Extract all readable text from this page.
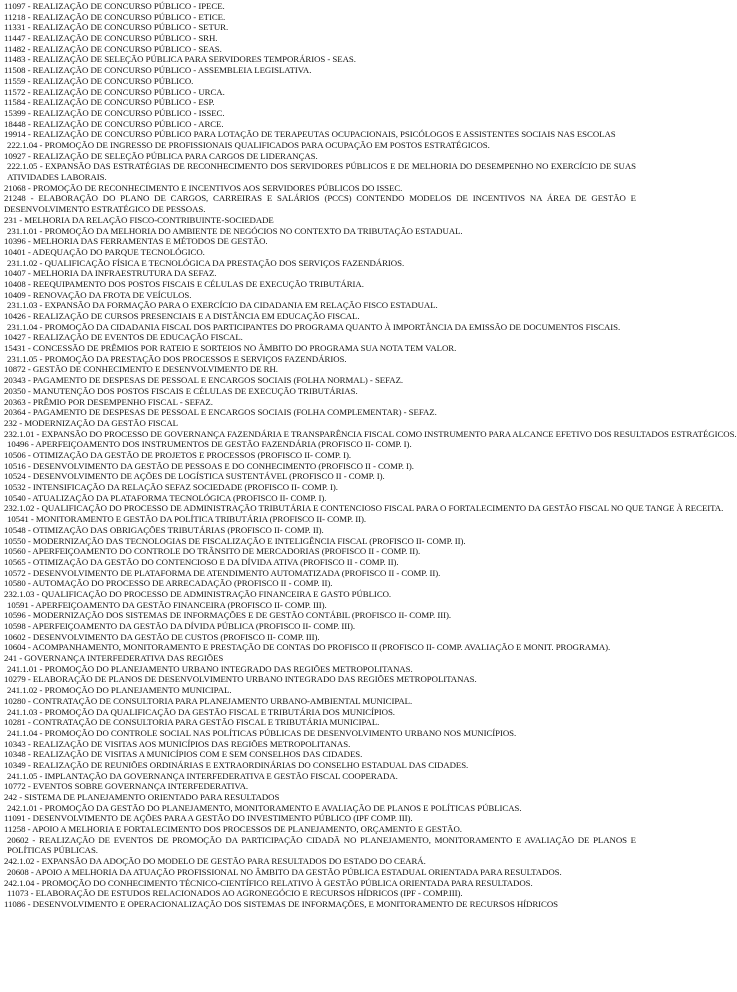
11097 - REALIZAÇÃO DE CONCURSO PÚBLICO - IPECE.
11218 - REALIZAÇÃO DE CONCURSO PÚBLICO - ETICE.
11331 - REALIZAÇÃO DE CONCURSO PÚBLICO - SETUR.
11447 - REALIZAÇÃO DE CONCURSO PÚBLICO - SRH.
11482 - REALIZAÇÃO DE CONCURSO PÚBLICO - SEAS.
11483 - REALIZAÇÃO DE SELEÇÃO PÚBLICA PARA SERVIDORES TEMPORÁRIOS - SEAS.
11508 - REALIZAÇÃO DE CONCURSO PÚBLICO - ASSEMBLEIA LEGISLATIVA.
11559 - REALIZAÇÃO DE CONCURSO PÚBLICO.
11572 - REALIZAÇÃO DE CONCURSO PÚBLICO - URCA.
11584 - REALIZAÇÃO DE CONCURSO PÚBLICO - ESP.
15399 - REALIZAÇÃO DE CONCURSO PÚBLICO - ISSEC.
18448 - REALIZAÇÃO DE CONCURSO PÚBLICO - ARCE.
19914 - REALIZAÇÃO DE CONCURSO PÚBLICO PARA LOTAÇÃO DE TERAPEUTAS OCUPACIONAIS, PSICÓLOGOS E ASSISTENTES SOCIAIS NAS ESCOLAS
222.1.04 - PROMOÇÃO DE INGRESSO DE PROFISSIONAIS QUALIFICADOS PARA OCUPAÇÃO EM POSTOS ESTRATÉGICOS.
10927 - REALIZAÇÃO DE SELEÇÃO PÚBLICA PARA CARGOS DE LIDERANÇAS.
222.1.05 - EXPANSÃO DAS ESTRATÉGIAS DE RECONHECIMENTO DOS SERVIDORES PÚBLICOS E DE MELHORIA DO DESEMPENHO NO EXERCÍCIO DE SUAS ATIVIDADES LABORAIS.
21068 - PROMOÇÃO DE RECONHECIMENTO E INCENTIVOS AOS SERVIDORES PÚBLICOS DO ISSEC.
21248 - ELABORAÇÃO DO PLANO DE CARGOS, CARREIRAS E SALÁRIOS (PCCS) CONTENDO MODELOS DE INCENTIVOS NA ÁREA DE GESTÃO E DESENVOLVIMENTO ESTRATÉGICO DE PESSOAS.
231 - MELHORIA DA RELAÇÃO FISCO-CONTRIBUINTE-SOCIEDADE
231.1.01 - PROMOÇÃO DA MELHORIA DO AMBIENTE DE NEGÓCIOS NO CONTEXTO DA TRIBUTAÇÃO ESTADUAL.
10396 - MELHORIA DAS FERRAMENTAS E MÉTODOS DE GESTÃO.
10401 - ADEQUAÇÃO DO PARQUE TECNOLÓGICO.
231.1.02 - QUALIFICAÇÃO FÍSICA E TECNOLÓGICA DA PRESTAÇÃO DOS SERVIÇOS FAZENDÁRIOS.
10407 - MELHORIA DA INFRAESTRUTURA DA SEFAZ.
10408 - REEQUIPAMENTO DOS POSTOS FISCAIS E CÉLULAS DE EXECUÇÃO TRIBUTÁRIA.
10409 - RENOVAÇÃO DA FROTA DE VEÍCULOS.
231.1.03 - EXPANSÃO DA FORMAÇÃO PARA O EXERCÍCIO DA CIDADANIA EM RELAÇÃO FISCO ESTADUAL.
10426 - REALIZAÇÃO DE CURSOS PRESENCIAIS E A DISTÂNCIA EM EDUCAÇÃO FISCAL.
231.1.04 - PROMOÇÃO DA CIDADANIA FISCAL DOS PARTICIPANTES DO PROGRAMA QUANTO À IMPORTÂNCIA DA EMISSÃO DE DOCUMENTOS FISCAIS.
10427 - REALIZAÇÃO DE EVENTOS DE EDUCAÇÃO FISCAL.
15431 - CONCESSÃO DE PRÊMIOS POR RATEIO E SORTEIOS NO ÂMBITO DO PROGRAMA SUA NOTA TEM VALOR.
231.1.05 - PROMOÇÃO DA PRESTAÇÃO DOS PROCESSOS E SERVIÇOS FAZENDÁRIOS.
10872 - GESTÃO DE CONHECIMENTO E DESENVOLVIMENTO DE RH.
20343 - PAGAMENTO DE DESPESAS DE PESSOAL E ENCARGOS SOCIAIS (FOLHA NORMAL) - SEFAZ.
20350 - MANUTENÇÃO DOS POSTOS FISCAIS E CÉLULAS DE EXECUÇÃO TRIBUTÁRIAS.
20363 - PRÊMIO POR DESEMPENHO FISCAL - SEFAZ.
20364 - PAGAMENTO DE DESPESAS DE PESSOAL E ENCARGOS SOCIAIS (FOLHA COMPLEMENTAR) - SEFAZ.
232 - MODERNIZAÇÃO DA GESTÃO FISCAL
232.1.01 - EXPANSÃO DO PROCESSO DE GOVERNANÇA FAZENDÁRIA E TRANSPARÊNCIA FISCAL COMO INSTRUMENTO PARA ALCANCE EFETIVO DOS RESULTADOS ESTRATÉGICOS.
10496 - APERFEIÇOAMENTO DOS INSTRUMENTOS DE GESTÃO FAZENDÁRIA (PROFISCO II- COMP. I).
10506 - OTIMIZAÇÃO DA GESTÃO DE PROJETOS E PROCESSOS (PROFISCO II- COMP. I).
10516 - DESENVOLVIMENTO DA GESTÃO DE PESSOAS E DO CONHECIMENTO (PROFISCO II - COMP. I).
10524 - DESENVOLVIMENTO DE AÇÕES DE LOGÍSTICA SUSTENTÁVEL (PROFISCO II - COMP. I).
10532 - INTENSIFICAÇÃO DA RELAÇÃO SEFAZ SOCIEDADE (PROFISCO II- COMP. I).
10540 - ATUALIZAÇÃO DA PLATAFORMA TECNOLÓGICA (PROFISCO II- COMP. I).
232.1.02 - QUALIFICAÇÃO DO PROCESSO DE ADMINISTRAÇÃO TRIBUTÁRIA E CONTENCIOSO FISCAL PARA O FORTALECIMENTO DA GESTÃO FISCAL NO QUE TANGE À RECEITA.
10541 - MONITORAMENTO E GESTÃO DA POLÍTICA TRIBUTÁRIA (PROFISCO II- COMP. II).
10548 - OTIMIZAÇÃO DAS OBRIGAÇÕES TRIBUTÁRIAS (PROFISCO II- COMP. II).
10550 - MODERNIZAÇÃO DAS TECNOLOGIAS DE FISCALIZAÇÃO E INTELIGÊNCIA FISCAL (PROFISCO II- COMP. II).
10560 - APERFEIÇOAMENTO DO CONTROLE DO TRÂNSITO DE MERCADORIAS (PROFISCO II - COMP. II).
10565 - OTIMIZAÇÃO DA GESTÃO DO CONTENCIOSO E DA DÍVIDA ATIVA (PROFISCO II - COMP. II).
10572 - DESENVOLVIMENTO DE PLATAFORMA DE ATENDIMENTO AUTOMATIZADA (PROFISCO II - COMP. II).
10580 - AUTOMAÇÃO DO PROCESSO DE ARRECADAÇÃO (PROFISCO II - COMP. II).
232.1.03 - QUALIFICAÇÃO DO PROCESSO DE ADMINISTRAÇÃO FINANCEIRA E GASTO PÚBLICO.
10591 - APERFEIÇOAMENTO DA GESTÃO FINANCEIRA (PROFISCO II- COMP. III).
10596 - MODERNIZAÇÃO DOS SISTEMAS DE INFORMAÇÕES E DE GESTÃO CONTÁBIL (PROFISCO II- COMP. III).
10598 - APERFEIÇOAMENTO DA GESTÃO DA DÍVIDA PÚBLICA (PROFISCO II- COMP. III).
10602 - DESENVOLVIMENTO DA GESTÃO DE CUSTOS (PROFISCO II- COMP. III).
10604 - ACOMPANHAMENTO, MONITORAMENTO E PRESTAÇÃO DE CONTAS DO PROFISCO II (PROFISCO II- COMP. AVALIAÇÃO E MONIT. PROGRAMA).
241 - GOVERNANÇA INTERFEDERATIVA DAS REGIÕES
241.1.01 - PROMOÇÃO DO PLANEJAMENTO URBANO INTEGRADO DAS REGIÕES METROPOLITANAS.
10279 - ELABORAÇÃO DE PLANOS DE DESENVOLVIMENTO URBANO INTEGRADO DAS REGIÕES METROPOLITANAS.
241.1.02 - PROMOÇÃO DO PLANEJAMENTO MUNICIPAL.
10280 - CONTRATAÇÃO DE CONSULTORIA PARA PLANEJAMENTO URBANO-AMBIENTAL MUNICIPAL.
241.1.03 - PROMOÇÃO DA QUALIFICAÇÃO DA GESTÃO FISCAL E TRIBUTÁRIA DOS MUNICÍPIOS.
10281 - CONTRATAÇÃO DE CONSULTORIA PARA GESTÃO FISCAL E TRIBUTÁRIA MUNICIPAL.
241.1.04 - PROMOÇÃO DO CONTROLE SOCIAL NAS POLÍTICAS PÚBLICAS DE DESENVOLVIMENTO URBANO NOS MUNICÍPIOS.
10343 - REALIZAÇÃO DE VISITAS AOS MUNICÍPIOS DAS REGIÕES METROPOLITANAS.
10348 - REALIZAÇÃO DE VISITAS A MUNICÍPIOS COM E SEM CONSELHOS DAS CIDADES.
10349 - REALIZAÇÃO DE REUNIÕES ORDINÁRIAS E EXTRAORDINÁRIAS DO CONSELHO ESTADUAL DAS CIDADES.
241.1.05 - IMPLANTAÇÃO DA GOVERNANÇA INTERFEDERATIVA E GESTÃO FISCAL COOPERADA.
10772 - EVENTOS SOBRE GOVERNANÇA INTERFEDERATIVA.
242 - SISTEMA DE PLANEJAMENTO ORIENTADO PARA RESULTADOS
242.1.01 - PROMOÇÃO DA GESTÃO DO PLANEJAMENTO, MONITORAMENTO E AVALIAÇÃO DE PLANOS E POLÍTICAS PÚBLICAS.
11091 - DESENVOLVIMENTO DE AÇÕES PARA A GESTÃO DO INVESTIMENTO PÚBLICO (IPF COMP. III).
11258 - APOIO A MELHORIA E FORTALECIMENTO DOS PROCESSOS DE PLANEJAMENTO, ORÇAMENTO E GESTÃO.
20602 - REALIZAÇÃO DE EVENTOS DE PROMOÇÃO DA PARTICIPAÇÃO CIDADÃ NO PLANEJAMENTO, MONITORAMENTO E AVALIAÇÃO DE PLANOS E POLÍTICAS PÚBLICAS.
242.1.02 - EXPANSÃO DA ADOÇÃO DO MODELO DE GESTÃO PARA RESULTADOS DO ESTADO DO CEARÁ.
20608 - APOIO A MELHORIA DA ATUAÇÃO PROFISSIONAL NO ÂMBITO DA GESTÃO PÚBLICA ESTADUAL ORIENTADA PARA RESULTADOS.
242.1.04 - PROMOÇÃO DO CONHECIMENTO TÉCNICO-CIENTÍFICO RELATIVO À GESTÃO PÚBLICA ORIENTADA PARA RESULTADOS.
11073 - ELABORAÇÃO DE ESTUDOS RELACIONADOS AO AGRONEGÓCIO E RECURSOS HÍDRICOS (IPF - COMP.III).
11086 - DESENVOLVIMENTO E OPERACIONALIZAÇÃO DOS SISTEMAS DE INFORMAÇÕES, E MONITORAMENTO DE RECURSOS HÍDRICOS
